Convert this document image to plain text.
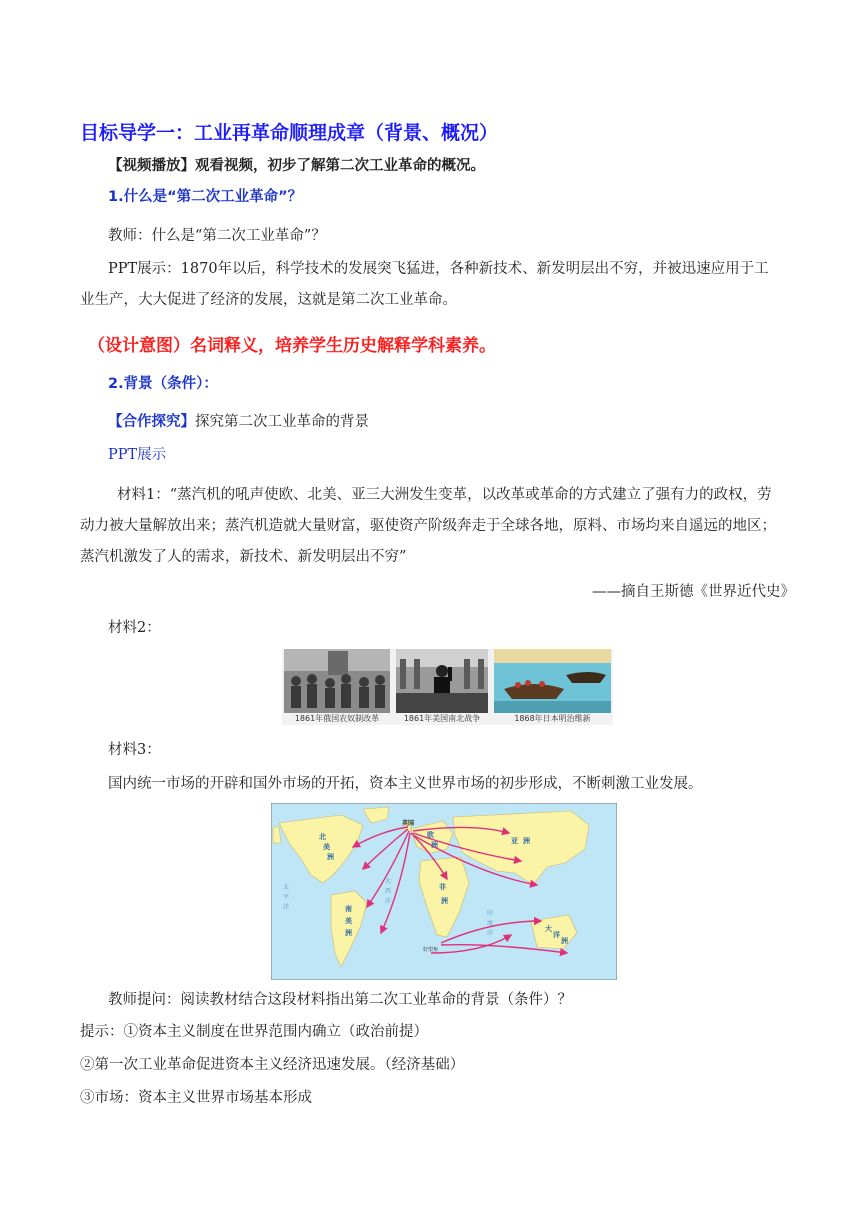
目标导学一：工业再革命顺理成章（背景、概况）
【视频播放】观看视频，初步了解第二次工业革命的概况。
1.什么是“第二次工业革命”？
教师：什么是“第二次工业革命”？
PPT展示：1870年以后，科学技术的发展突飞猛进，各种新技术、新发明层出不穷，并被迅速应用于工业生产，大大促进了经济的发展，这就是第二次工业革命。
（设计意图）名词释义，培养学生历史解释学科素养。
2.背景（条件）：
【合作探究】探究第二次工业革命的背景
PPT展示
材料1：“蒸汽机的吼声使欧、北美、亚三大洲发生变革，以改革或革命的方式建立了强有力的政权，劳动力被大量解放出来；蒸汽机造就大量财富，驱使资产阶级奔走于全球各地，原料、市场均来自遥远的地区；蒸汽机激发了人的需求，新技术、新发明层出不穷”
——摘自王斯德《世界近代史》
材料2：
1861年俄国农奴制改革	1861年美国南北战争	1868年日本明治维新
材料3：
国内统一市场的开辟和国外市场的开拓，资本主义世界市场的初步形成，不断刺激工业发展。
英国
北
美
洲
南
美
洲
欧
洲	亚 洲
非
洲
大
洋
洲
太
平
洋
大
西
洋
印
度
洋
好望角
教师提问：阅读教材结合这段材料指出第二次工业革命的背景（条件）？
提示：①资本主义制度在世界范围内确立（政治前提）
②第一次工业革命促进资本主义经济迅速发展。（经济基础）
③市场：资本主义世界市场基本形成
